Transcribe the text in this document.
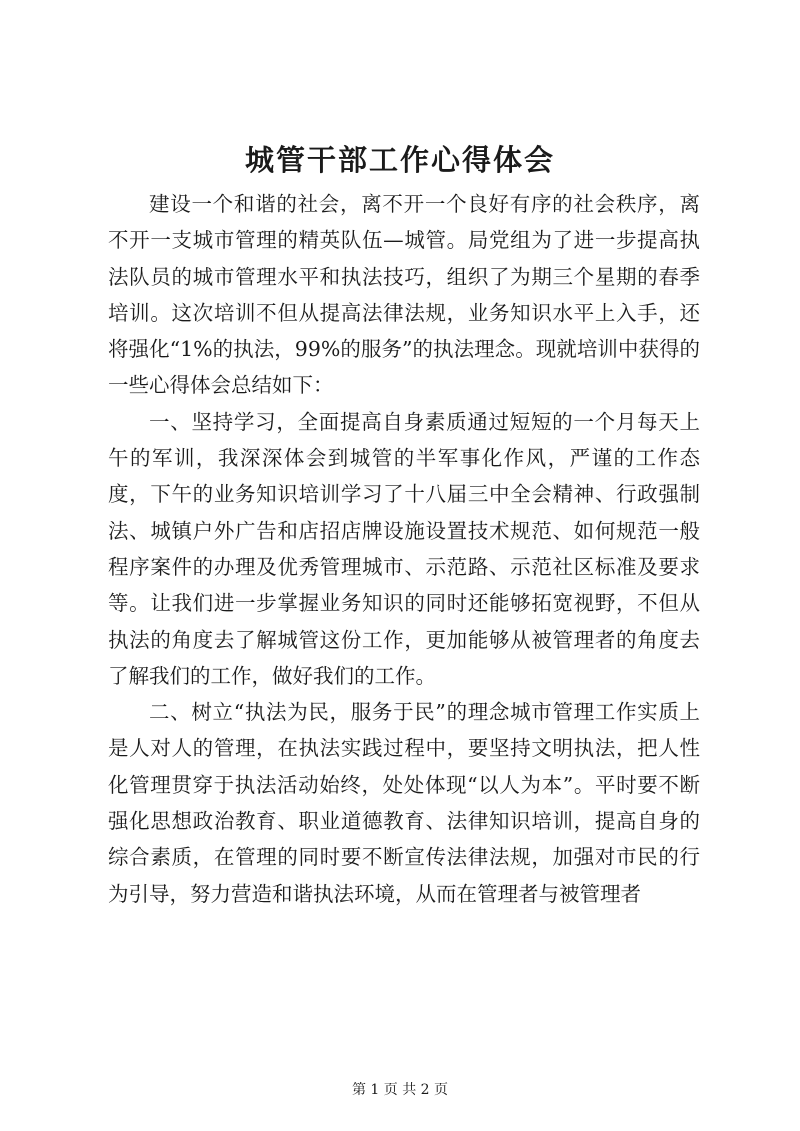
城管干部工作心得体会

建设一个和谐的社会，离不开一个良好有序的社会秩序，离不开一支城市管理的精英队伍—城管。局党组为了进一步提高执法队员的城市管理水平和执法技巧，组织了为期三个星期的春季培训。这次培训不但从提高法律法规，业务知识水平上入手，还将强化“1%的执法，99%的服务”的执法理念。现就培训中获得的一些心得体会总结如下：

一、坚持学习，全面提高自身素质通过短短的一个月每天上午的军训，我深深体会到城管的半军事化作风，严谨的工作态度，下午的业务知识培训学习了十八届三中全会精神、行政强制法、城镇户外广告和店招店牌设施设置技术规范、如何规范一般程序案件的办理及优秀管理城市、示范路、示范社区标准及要求等。让我们进一步掌握业务知识的同时还能够拓宽视野，不但从执法的角度去了解城管这份工作，更加能够从被管理者的角度去了解我们的工作，做好我们的工作。

二、树立“执法为民，服务于民”的理念城市管理工作实质上是人对人的管理，在执法实践过程中，要坚持文明执法，把人性化管理贯穿于执法活动始终，处处体现“以人为本”。平时要不断强化思想政治教育、职业道德教育、法律知识培训，提高自身的综合素质，在管理的同时要不断宣传法律法规，加强对市民的行为引导，努力营造和谐执法环境，从而在管理者与被管理者

第 1 页 共 2 页
